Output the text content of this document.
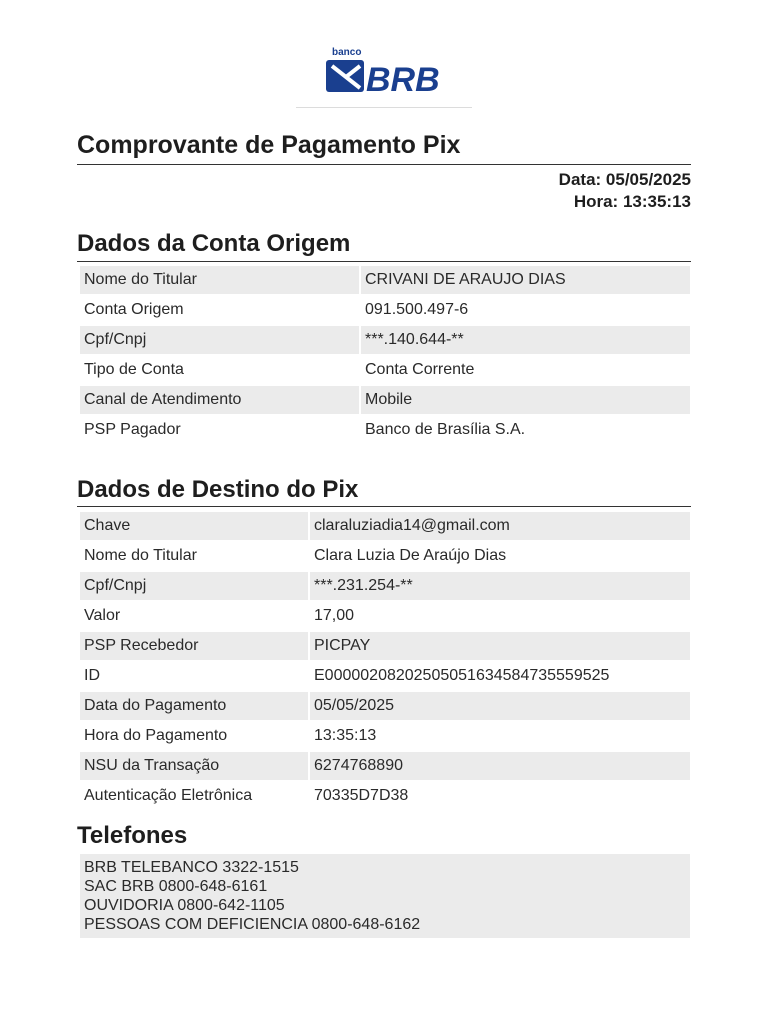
banco
BRB
Comprovante de Pagamento Pix
Data: 05/05/2025
Hora: 13:35:13
Dados da Conta Origem
Nome do Titular	CRIVANI DE ARAUJO DIAS
Conta Origem	091.500.497-6
Cpf/Cnpj	***.140.644-**
Tipo de Conta	Conta Corrente
Canal de Atendimento	Mobile
PSP Pagador	Banco de Brasília S.A.
Dados de Destino do Pix
Chave	claraluziadia14@gmail.com
Nome do Titular	Clara Luzia De Araújo Dias
Cpf/Cnpj	***.231.254-**
Valor	17,00
PSP Recebedor	PICPAY
ID	E00000208202505051634584735559525
Data do Pagamento	05/05/2025
Hora do Pagamento	13:35:13
NSU da Transação	6274768890
Autenticação Eletrônica	70335D7D38
Telefones
BRB TELEBANCO 3322-1515
SAC BRB 0800-648-6161
OUVIDORIA 0800-642-1105
PESSOAS COM DEFICIENCIA 0800-648-6162
